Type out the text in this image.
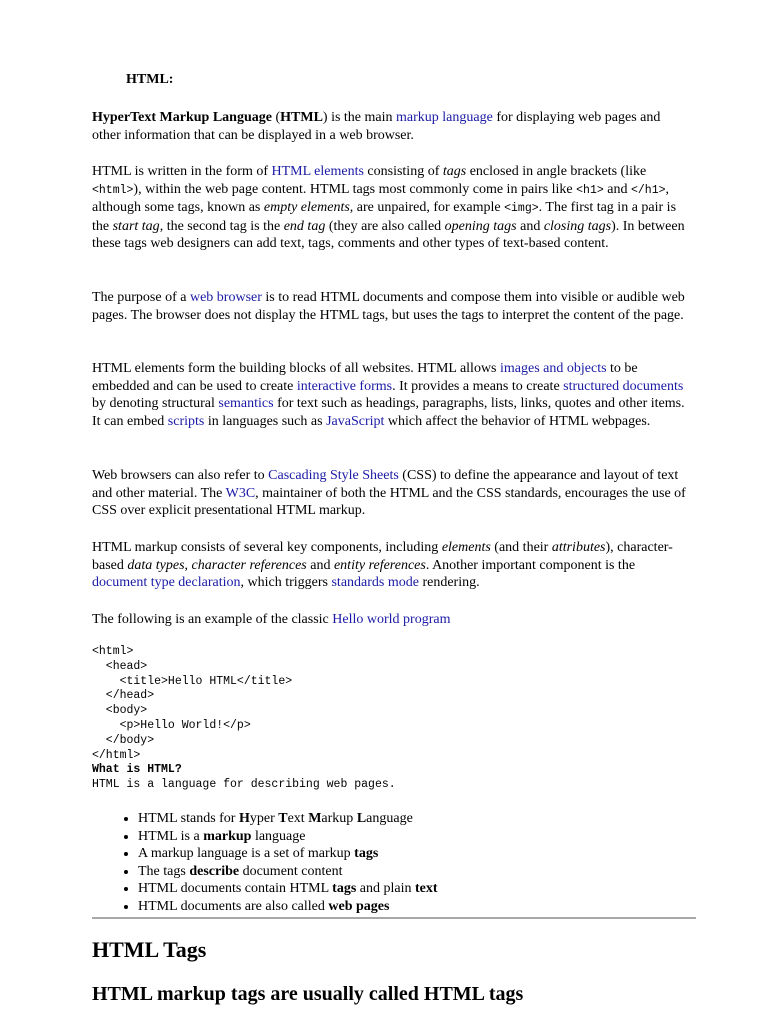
HTML:

HyperText Markup Language (HTML) is the main markup language for displaying web pages and other information that can be displayed in a web browser.

HTML is written in the form of HTML elements consisting of tags enclosed in angle brackets (like <html>), within the web page content. HTML tags most commonly come in pairs like <h1> and </h1>, although some tags, known as empty elements, are unpaired, for example <img>. The first tag in a pair is the start tag, the second tag is the end tag (they are also called opening tags and closing tags). In between these tags web designers can add text, tags, comments and other types of text-based content.

The purpose of a web browser is to read HTML documents and compose them into visible or audible web pages. The browser does not display the HTML tags, but uses the tags to interpret the content of the page.

HTML elements form the building blocks of all websites. HTML allows images and objects to be embedded and can be used to create interactive forms. It provides a means to create structured documents by denoting structural semantics for text such as headings, paragraphs, lists, links, quotes and other items. It can embed scripts in languages such as JavaScript which affect the behavior of HTML webpages.

Web browsers can also refer to Cascading Style Sheets (CSS) to define the appearance and layout of text and other material. The W3C, maintainer of both the HTML and the CSS standards, encourages the use of CSS over explicit presentational HTML markup.

HTML markup consists of several key components, including elements (and their attributes), character-based data types, character references and entity references. Another important component is the document type declaration, which triggers standards mode rendering.

The following is an example of the classic Hello world program

<html>
<head>
<title>Hello HTML</title>
</head>
<body>
<p>Hello World!</p>
</body>
</html>
What is HTML?
HTML is a language for describing web pages.
• HTML stands for Hyper Text Markup Language
• HTML is a markup language
• A markup language is a set of markup tags
• The tags describe document content
• HTML documents contain HTML tags and plain text
• HTML documents are also called web pages
HTML Tags
HTML markup tags are usually called HTML tags
